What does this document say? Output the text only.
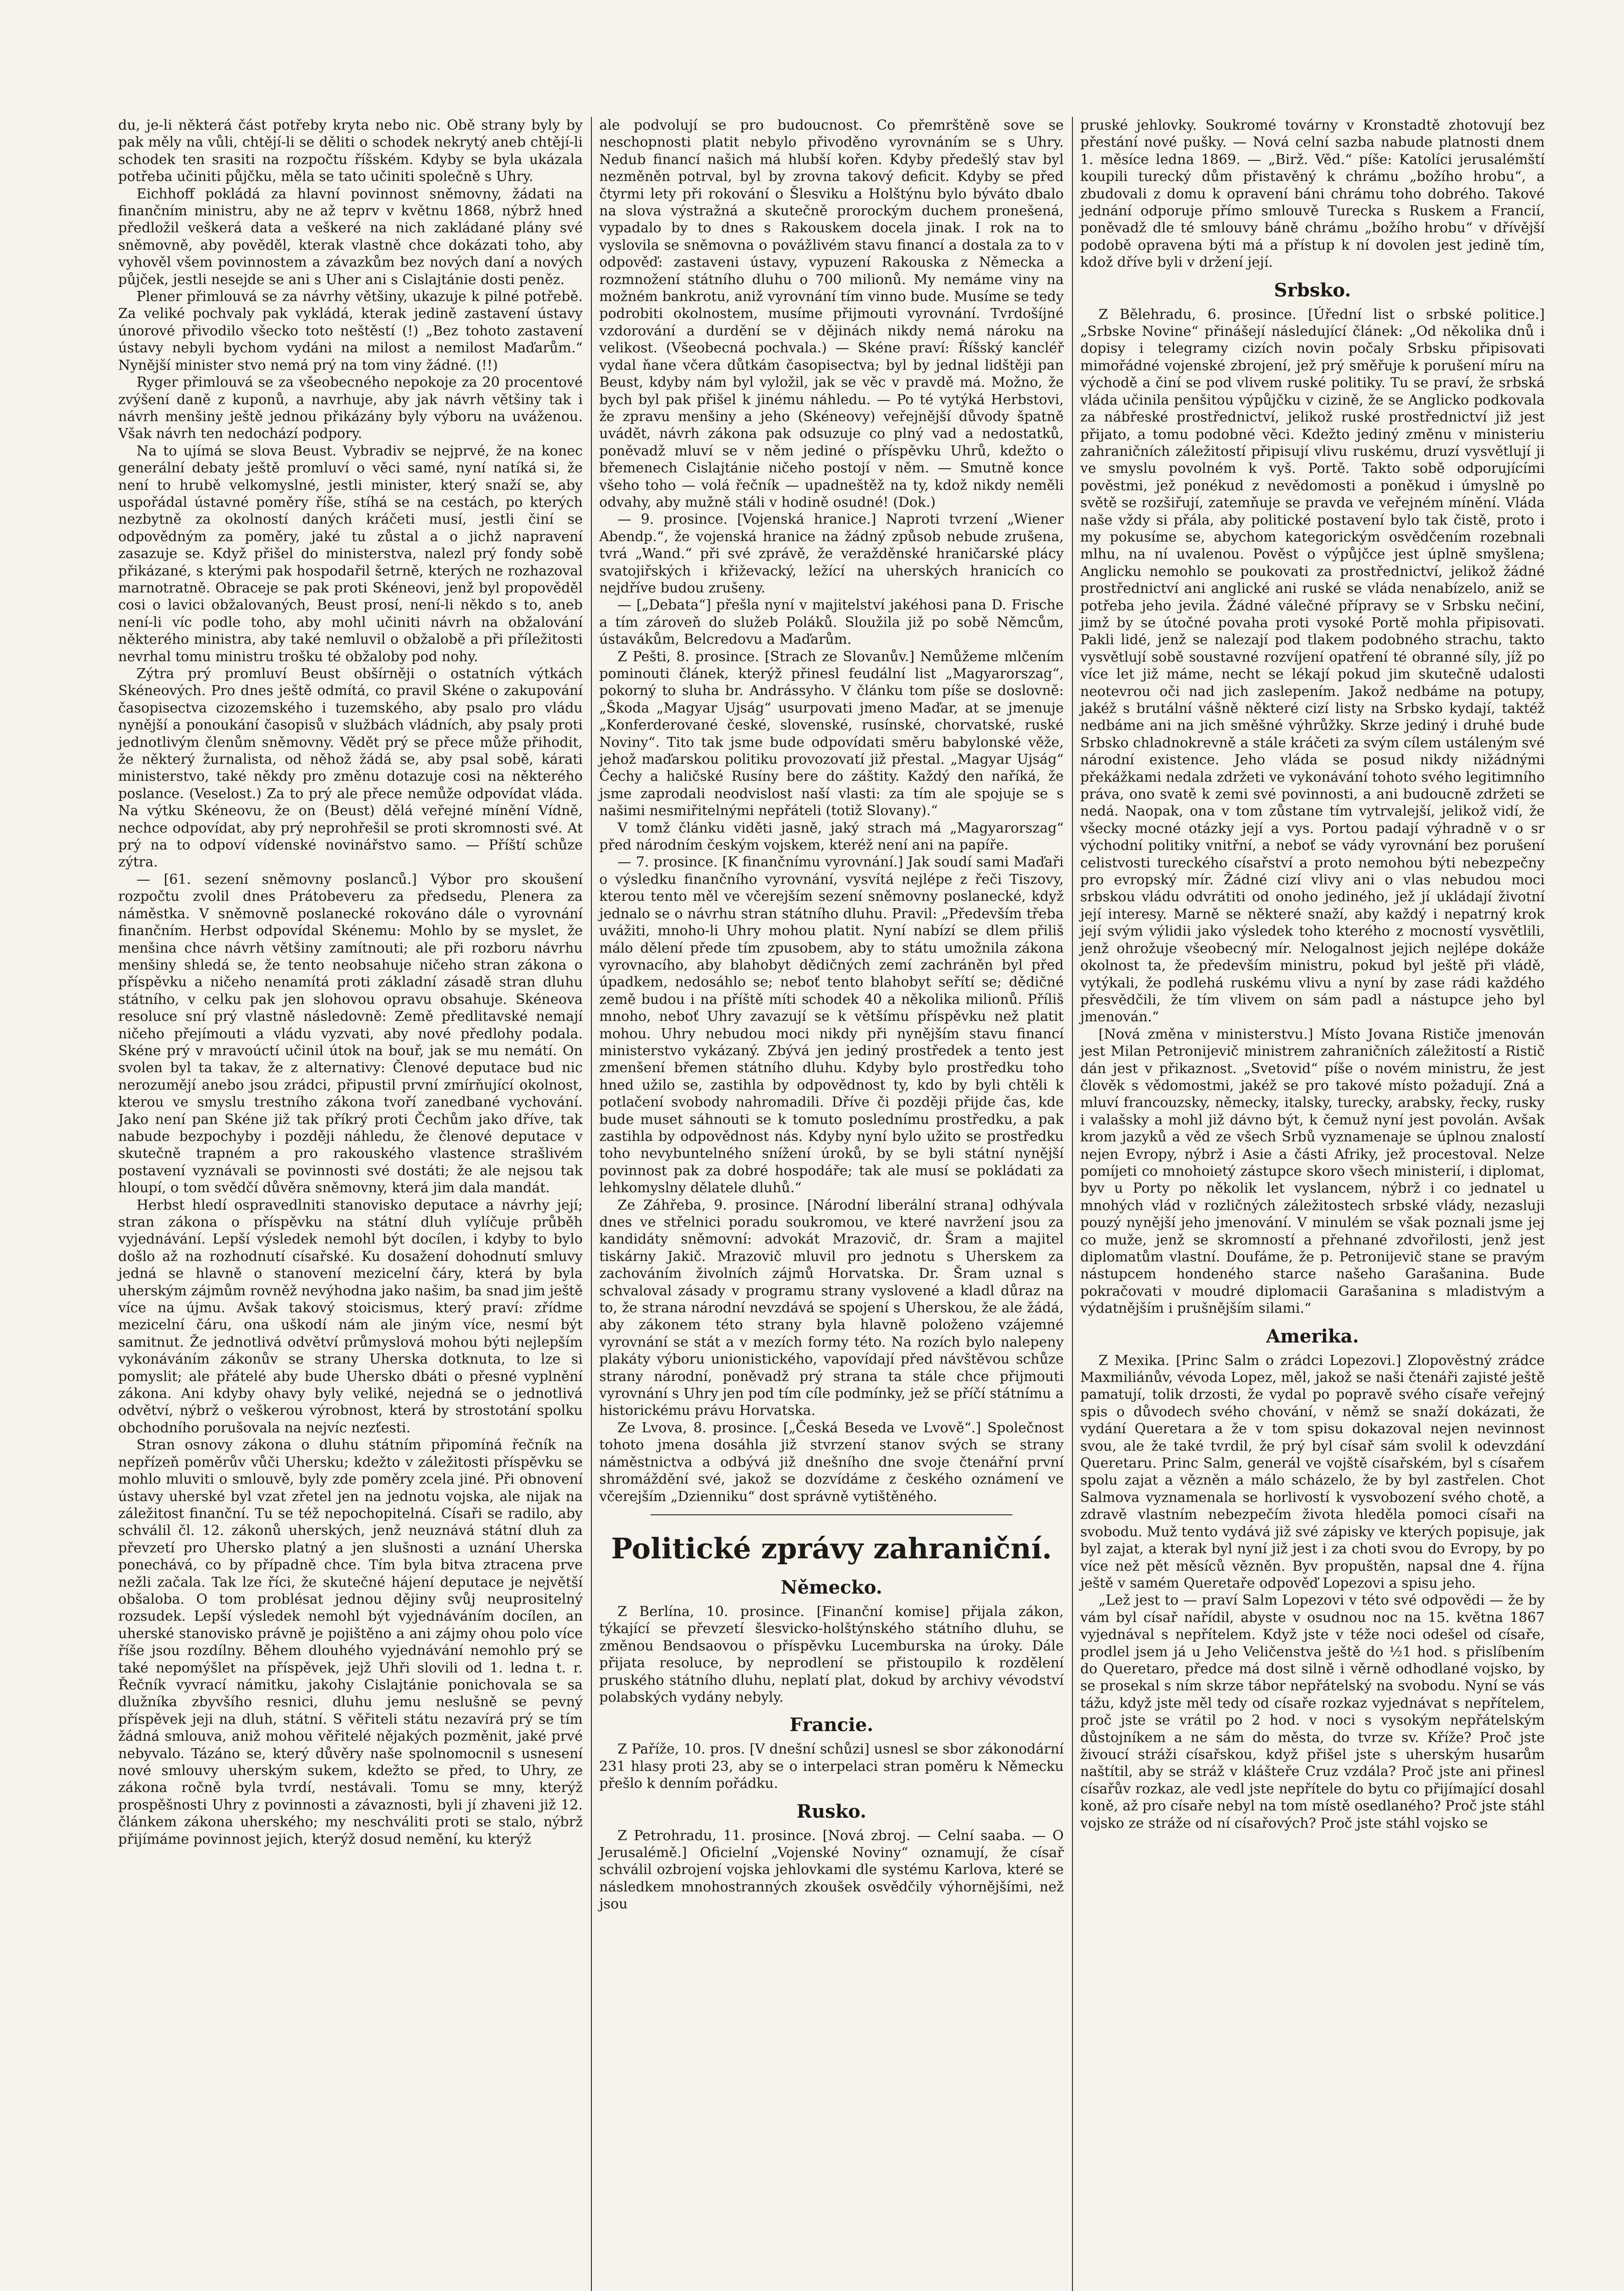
du, je-li některá část potřeby kryta nebo nic. Obě strany byly by pak měly na vůli, chtějí-li se děliti o schodek nekrytý aneb chtějí-li schodek ten srasiti na rozpočtu říšském. Kdyby se byla ukázala potřeba učiniti půjčku, měla se tato učiniti společně s Uhry.

Eichhoff pokládá za hlavní povinnost sněmovny, žádati na finančním ministru, aby ne až teprv v květnu 1868, nýbrž hned předložil veškerá data a veškeré na nich zakládané plány své sněmovně, aby pověděl, kterak vlastně chce dokázati toho, aby vyhověl všem povinnostem a závazkům bez nových daní a nových půjček, jestli nesejde se ani s Uher ani s Cislajtánie dosti peněz.

Plener přimlouvá se za návrhy většiny, ukazuje k pilné potřebě. Za veliké pochvaly pak vykládá, kterak jedině zastavení ústavy únorové přivodilo všecko toto neštěstí (!) „Bez tohoto zastavení ústavy nebyli bychom vydáni na milost a nemilost Maďarům.“ Nynější minister stvo nemá prý na tom viny žádné. (!!)

Ryger přimlouvá se za všeobecného nepokoje za 20 procentové zvýšení daně z kuponů, a navrhuje, aby jak návrh většiny tak i návrh menšiny ještě jednou přikázány byly výboru na uváženou. Však návrh ten nedochází podpory.

Na to ujímá se slova Beust. Vybradiv se nejprvé, že na konec generální debaty ještě promluví o věci samé, nyní natíká si, že není to hrubě velkomyslné, jestli minister, který snaží se, aby uspořádal ústavné poměry říše, stíhá se na cestách, po kterých nezbytně za okolností daných kráčeti musí, jestli činí se odpovědným za poměry, jaké tu zůstal a o jichž napravení zasazuje se. Když přišel do ministerstva, nalezl prý fondy sobě přikázané, s kterými pak hospodařil šetrně, kterých ne rozhazoval marnotratně. Obraceje se pak proti Skéneovi, jenž byl propověděl cosi o lavici obžalovaných, Beust prosí, není-li někdo s to, aneb není-li víc podle toho, aby mohl učiniti návrh na obžalování některého ministra, aby také nemluvil o obžalobě a při příležitosti nevrhal tomu ministru trošku té obžaloby pod nohy.

Zýtra prý promluví Beust obšírněji o ostatních výtkách Skéneových. Pro dnes ještě odmítá, co pravil Skéne o zakupování časopisectva cizozemského i tuzemského, aby psalo pro vládu nynější a ponoukání časopisů v službách vládních, aby psaly proti jednotlivým členům sněmovny. Vědět prý se přece může přihodit, že některý žurnalista, od něhož žádá se, aby psal sobě, kárati ministerstvo, také někdy pro změnu dotazuje cosi na některého poslance. (Veselost.) Za to prý ale přece nemůže odpovídat vláda. Na výtku Skéneovu, že on (Beust) dělá veřejné mínění Vídně, nechce odpovídat, aby prý neprohřešil se proti skromnosti své. At prý na to odpoví vídenské novinářstvo samo. — Příští schůze zýtra.

— [61. sezení sněmovny poslanců.] Výbor pro skoušení rozpočtu zvolil dnes Prátobeveru za předsedu, Plenera za náměstka. V sněmovně poslanecké rokováno dále o vyrovnání finančním. Herbst odpovídal Skénemu: Mohlo by se myslet, že menšina chce návrh většiny zamítnouti; ale při rozboru návrhu menšiny shledá se, že tento neobsahuje ničeho stran zákona o příspěvku a ničeho nenamítá proti základní zásadě stran dluhu státního, v celku pak jen slohovou opravu obsahuje. Skéneova resoluce sní prý vlastně následovně: Země předlitavské nemají ničeho přejímouti a vládu vyzvati, aby nové předlohy podala. Skéne prý v mravoúctí učinil útok na bouř, jak se mu nemátí. On svolen byl ta takav, že z alternativy: Členové deputace bud nic nerozumějí anebo jsou zrádci, připustil první zmírňující okolnost, kterou ve smyslu trestního zákona tvoří zanedbané vychování. Jako není pan Skéne již tak příkrý proti Čechům jako dříve, tak nabude bezpochyby i později náhledu, že členové deputace v skutečně trapném a pro rakouského vlastence strašlivém postavení vyznávali se povinnosti své dostáti; že ale nejsou tak hloupí, o tom svědčí důvěra sněmovny, která jim dala mandát.

Herbst hledí ospravedlniti stanovisko deputace a návrhy její; stran zákona o příspěvku na státní dluh vylíčuje průběh vyjednávání. Lepší výsledek nemohl být docílen, i kdyby to bylo došlo až na rozhodnutí císařské. Ku dosažení dohodnutí smluvy jedná se hlavně o stanovení mezicelní čáry, která by byla uherským zájmům rovněž nevýhodna jako našim, ba snad jim ještě více na újmu. Avšak takový stoicismus, který praví: zřídme mezicelní čáru, ona uškodí nám ale jiným více, nesmí být samitnut. Že jednotlivá odvětví průmyslová mohou býti nejlepším vykonáváním zákonův se strany Uherska dotknuta, to lze si pomyslit; ale přátelé aby bude Uhersko dbáti o přesné vyplnění zákona. Ani kdyby ohavy byly veliké, nejedná se o jednotlivá odvětví, nýbrž o veškerou výrobnost, která by strostotání spolku obchodního porušovala na nejvíc nezťesti.

Stran osnovy zákona o dluhu státním připomíná řečník na nepřízeň poměrův vůči Uhersku; kdežto v záležitosti příspěvku se mohlo mluviti o smlouvě, byly zde poměry zcela jiné. Při obnovení ústavy uherské byl vzat zřetel jen na jednotu vojska, ale nijak na záležitost finanční. Tu se též nepochopitelná. Císaři se radilo, aby schválil čl. 12. zákonů uherských, jenž neuznává státní dluh za převzetí pro Uhersko platný a jen slušnosti a uznání Uherska ponechává, co by případně chce. Tím byla bitva ztracena prve nežli začala. Tak lze říci, že skutečné hájení deputace je největší obšaloba. O tom problésat jednou dějiny svůj neuprositelný rozsudek. Lepší výsledek nemohl být vyjednáváním docílen, an uherské stanovisko právně je pojištěno a ani zájmy ohou polo více říše jsou rozdílny. Během dlouhého vyjednávání nemohlo prý se také nepomýšlet na příspěvek, jejž Uhři slovili od 1. ledna t. r. Řečník vyvrací námitku, jakohy Cislajtánie ponichovala se sa dlužníka zbyvšího resnici, dluhu jemu neslušně se pevný příspěvek jeji na dluh, státní. S věřiteli státu nezavírá prý se tím žádná smlouva, aniž mohou věřitelé nějakých pozměnit, jaké prvé nebyvalo. Tázáno se, který důvěry naše spolnomocnil s usnesení nové smlouvy uherským sukem, kdežto se před, to Uhry, ze zákona ročně byla tvrdí, nestávali. Tomu se mny, kterýž prospěšnosti Uhry z povinnosti a závaznosti, byli jí zhaveni již 12. článkem zákona uherského; my neschváliti proti se stalo, nýbrž přijímáme povinnost jejich, kterýž dosud nemění, ku kterýž

ale podvolují se pro budoucnost. Co přemrštěně sove se neschopnosti platit nebylo přivoděno vyrovnáním se s Uhry. Nedub financí našich má hlubší kořen. Kdyby předešlý stav byl nezměněn potrval, byl by zrovna takový deficit. Kdyby se před čtyrmi lety při rokování o Šlesviku a Holštýnu bylo býváto dbalo na slova výstražná a skutečně prorockým duchem pronešená, vypadalo by to dnes s Rakouskem docela jinak. I rok na to vyslovila se sněmovna o povážlivém stavu financí a dostala za to v odpověď: zastaveni ústavy, vypuzení Rakouska z Německa a rozmnožení státního dluhu o 700 milionů. My nemáme viny na možném bankrotu, aniž vyrovnání tím vinno bude. Musíme se tedy podrobiti okolnostem, musíme přijmouti vyrovnání. Tvrdošíjné vzdorování a durdění se v dějinách nikdy nemá nároku na velikost. (Všeobecná pochvala.) — Skéne praví: Říšský kancléř vydal ňane včera důtkám časopisectva; byl by jednal lidštěji pan Beust, kdyby nám byl vyložil, jak se věc v pravdě má. Možno, že bych byl pak přišel k jinému náhledu. — Po té vytýká Herbstovi, že zpravu menšiny a jeho (Skéneovy) veřejnější důvody špatně uvádět, návrh zákona pak odsuzuje co plný vad a nedostatků, poněvadž mluví se v něm jediné o příspěvku Uhrů, kdežto o břemenech Cislajtánie ničeho postojí v něm. — Smutně konce všeho toho — volá řečník — upadneštěž na ty, kdož nikdy neměli odvahy, aby mužně stáli v hodině osudné! (Dok.)

— 9. prosince. [Vojenská hranice.] Naproti tvrzení „Wiener Abendp.“, že vojenská hranice na žádný způsob nebude zrušena, tvrá „Wand.“ při své zprávě, že veražděnské hraničarské plácy svatojiřských i křiževacký, ležící na uherských hranicích co nejdříve budou zrušeny.

— [„Debata“] přešla nyní v majitelství jakéhosi pana D. Frische a tím zároveň do služeb Poláků. Sloužila již po sobě Němcům, ústavákům, Belcredovu a Maďarům.

Z Pešti, 8. prosince. [Strach ze Slovanův.] Nemůžeme mlčením pominouti článek, kterýž přinesl feudální list „Magyarorszag“, pokorný to sluha br. Andrássyho. V článku tom píše se doslovně: „Škoda „Magyar Ujság“ usurpovati jmeno Maďar, at se jmenuje „Konferderované české, slovenské, rusínské, chorvatské, ruské Noviny“. Tito tak jsme bude odpovídati směru babylonské věže, jehož maďarskou politiku provozovatí již přestal. „Magyar Ujság“ Čechy a haličské Rusíny bere do záštity. Každý den naříká, že jsme zaprodali neodvislost naší vlasti: za tím ale spojuje se s našimi nesmiřitelnými nepřáteli (totiž Slovany).“

V tomž článku viděti jasně, jaký strach má „Magyarorszag“ před národním českým vojskem, kteréž není ani na papíře.

— 7. prosince. [K finančnímu vyrovnání.] Jak soudí sami Maďaři o výsledku finančního vyrovnání, vysvítá nejlépe z řeči Tiszovy, kterou tento měl ve včerejším sezení sněmovny poslanecké, když jednalo se o návrhu stran státního dluhu. Pravil: „Především třeba uvážiti, mnoho-li Uhry mohou platit. Nyní nabízí se dlem přiliš málo dělení přede tím zpusobem, aby to státu umožnila zákona vyrovnacího, aby blahobyt dědičných zemí zachráněn byl před úpadkem, nedosáhlo se; neboť tento blahobyt seřítí se; dědičné země budou i na příště míti schodek 40 a několika milionů. Příliš mnoho, neboť Uhry zavazují se k většímu příspěvku než platit mohou. Uhry nebudou moci nikdy při nynějším stavu financí ministerstvo vykázaný. Zbývá jen jediný prostředek a tento jest zmenšení břemen státního dluhu. Kdyby bylo prostředku toho hned užilo se, zastihla by odpovědnost ty, kdo by byli chtěli k potlačení svobody nahromadili. Dříve či později přijde čas, kde bude muset sáhnouti se k tomuto poslednímu prostředku, a pak zastihla by odpovědnost nás. Kdyby nyní bylo užito se prostředku toho nevybuntelného snížení úroků, by se byli státní nynější povinnost pak za dobré hospodáře; tak ale musí se pokládati za lehkomyslny dělatele dluhů.“

Ze Záhřeba, 9. prosince. [Národní liberální strana] odhývala dnes ve střelnici poradu soukromou, ve které navržení jsou za kandidáty sněmovní: advokát Mrazovič, dr. Šram a majitel tiskárny Jakič. Mrazovič mluvil pro jednotu s Uherskem za zachováním živolních zájmů Horvatska. Dr. Šram uznal s schvaloval zásady v programu strany vyslovené a kladl důraz na to, že strana národní nevzdává se spojení s Uherskou, že ale žádá, aby zákonem této strany byla hlavně položeno vzájemné vyrovnání se stát a v mezích formy této. Na rozích bylo nalepeny plakáty výboru unionistického, vapovídají před návštěvou schůze strany národní, poněvadž prý strana ta stále chce přijmouti vyrovnání s Uhry jen pod tím cíle podmínky, jež se příčí státnímu a historickému právu Horvatska.

Ze Lvova, 8. prosince. [„Česká Beseda ve Lvově“.] Společnost tohoto jmena dosáhla již stvrzení stanov svých se strany náměstnictva a odbývá již dnešního dne svoje čtenářní první shromáždění své, jakož se dozvídáme z českého oznámení ve včerejším „Dzienniku“ dost správně vytištěného.

Politické zprávy zahraniční.
Německo.

Z Berlína, 10. prosince. [Finanční komise] přijala zákon, týkající se převzetí šlesvicko-holštýnského státního dluhu, se změnou Bendsaovou o příspěvku Lucemburska na úroky. Dále přijata resoluce, by neprodlení se přistoupilo k rozdělení pruského státního dluhu, neplatí plat, dokud by archivy vévodství polabských vydány nebyly.

Francie.

Z Paříže, 10. pros. [V dnešní schůzi] usnesl se sbor zákonodární 231 hlasy proti 23, aby se o interpelaci stran poměru k Německu přešlo k denním pořádku.

Rusko.

Z Petrohradu, 11. prosince. [Nová zbroj. — Celní saaba. — O Jerusalémě.] Oficielní „Vojenské Noviny“ oznamují, že císař schválil ozbrojení vojska jehlovkami dle systému Karlova, které se následkem mnohostranných zkoušek osvědčily výhornějšími, než jsou

pruské jehlovky. Soukromé továrny v Kronstadtě zhotovují bez přestání nové pušky. — Nová celní sazba nabude platnosti dnem 1. měsíce ledna 1869. — „Birž. Věd.“ píše: Katolíci jerusalémští koupili turecký dům přistavěný k chrámu „božího hrobu“, a zbudovali z domu k opravení báni chrámu toho dobrého. Takové jednání odporuje přímo smlouvě Turecka s Ruskem a Francií, poněvadž dle té smlouvy báně chrámu „božího hrobu“ v dřívější podobě opravena býti má a přístup k ní dovolen jest jedině tím, kdož dříve byli v držení její.

Srbsko.

Z Bělehradu, 6. prosince. [Úřední list o srbské politice.] „Srbske Novine“ přinášejí následující článek: „Od několika dnů i dopisy i telegramy cizích novin počaly Srbsku připisovati mimořádné vojenské zbrojení, jež prý směřuje k porušení míru na východě a činí se pod vlivem ruské politiky. Tu se praví, že srbská vláda učinila penšitou výpůjčku v cizině, že se Anglicko podkovala za nábřeské prostřednictví, jelikož ruské prostřednictví již jest přijato, a tomu podobné věci. Kdežto jediný změnu v ministeriu zahraničních záležitostí připisují vlivu ruskému, druzí vysvětlují ji ve smyslu povolném k vyš. Portě. Takto sobě odporujícími pověstmi, jež ponékud z nevědomosti a poněkud i úmyslně po světě se rozšiřují, zatemňuje se pravda ve veřejném mínění. Vláda naše vždy si přála, aby politické postavení bylo tak čistě, proto i my pokusíme se, abychom kategorickým osvědčením rozebnali mlhu, na ní uvalenou. Pověst o výpůjčce jest úplně smyšlena; Anglicku nemohlo se poukovati za prostřednictví, jelikož žádné prostřednictví ani anglické ani ruské se vláda nenabízelo, aniž se potřeba jeho jevila. Žádné válečné přípravy se v Srbsku nečiní, jimž by se útočné povaha proti vysoké Portě mohla připisovati. Pakli lidé, jenž se nalezají pod tlakem podobného strachu, takto vysvětlují sobě soustavné rozvíjení opatření té obranné síly, jíž po více let již máme, necht se lékají pokud jim skutečně udalosti neotevrou oči nad jich zaslepením. Jakož nedbáme na potupy, jakéž s brutální vášně některé cizí listy na Srbsko kydají, taktéž nedbáme ani na jich směšné výhrůžky. Skrze jediný i druhé bude Srbsko chladnokrevně a stále kráčeti za svým cílem ustáleným své národní existence. Jeho vláda se posud nikdy nižádnými překážkami nedala zdržeti ve vykonávání tohoto svého legitimního práva, ono svatě k zemi své povinnosti, a ani budoucně zdržeti se nedá. Naopak, ona v tom zůstane tím vytrvalejší, jelikož vidí, že všecky mocné otázky její a vys. Portou padají výhradně v o sr východní politiky vnitřní, a neboť se vády vyrovnání bez porušení celistvosti tureckého císařství a proto nemohou býti nebezpečny pro evropský mír. Žádné cizí vlivy ani o vlas nebudou moci srbskou vládu odvrátiti od onoho jediného, jež jí ukládají životní její interesy. Marně se některé snaží, aby každý i nepatrný krok její svým výlidii jako výsledek toho kterého z mocností vysvětlili, jenž ohrožuje všeobecný mír. Nelogalnost jejich nejlépe dokáže okolnost ta, že především ministru, pokud byl ještě při vládě, vytýkali, že podlehá ruskému vlivu a nyní by zase rádi každého přesvědčili, že tím vlivem on sám padl a nástupce jeho byl jmenován.“

[Nová změna v ministerstvu.] Místo Jovana Rističe jmenován jest Milan Petronijevič ministrem zahraničních záležitostí a Ristič dán jest v přikaznost. „Svetovid“ píše o novém ministru, že jest člověk s vědomostmi, jakéž se pro takové místo požadují. Zná a mluví francouzsky, německy, italsky, turecky, arabsky, řecky, rusky i valašsky a mohl již dávno být, k čemuž nyní jest povolán. Avšak krom jazyků a věd ze všech Srbů vyznamenaje se úplnou znalostí nejen Evropy, nýbrž i Asie a části Afriky, jež procestoval. Nelze pomíjeti co mnohoietý zástupce skoro všech ministerií, i diplomat, byv u Porty po několik let vyslancem, nýbrž i co jednatel u mnohých vlád v rozličných záležitostech srbské vlády, nezasluji pouzý nynější jeho jmenování. V minulém se však poznali jsme jej co muže, jenž se skromností a přehnané zdvořilosti, jenž jest diplomatům vlastní. Doufáme, že p. Petronijevič stane se pravým nástupcem hondeného starce našeho Garašanina. Bude pokračovati v moudré diplomacii Garašanina s mladistvým a výdatnějším i prušnějším silami.“

Amerika.

Z Mexika. [Princ Salm o zrádci Lopezovi.] Zlopověstný zrádce Maxmiliánův, vévoda Lopez, měl, jakož se naši čtenáři zajisté ještě pamatují, tolik drzosti, že vydal po popravě svého císaře veřejný spis o důvodech svého chování, v němž se snaží dokázati, že vydání Queretara a že v tom spisu dokazoval nejen nevinnost svou, ale že také tvrdil, že prý byl císař sám svolil k odevzdání Queretaru. Princ Salm, generál ve vojště císařském, byl s císařem spolu zajat a vězněn a málo scházelo, že by byl zastřelen. Chot Salmova vyznamenala se horlivostí k vysvobození svého chotě, a zdravě vlastním nebezpečím života hleděla pomoci císaři na svobodu. Muž tento vydává již své zápisky ve kterých popisuje, jak byl zajat, a kterak byl nyní již jest i za choti svou do Evropy, by po více než pět měsíců vězněn. Byv propuštěn, napsal dne 4. října ještě v samém Queretaře odpověď Lopezovi a spisu jeho.

„Lež jest to — praví Salm Lopezovi v této své odpovědi — že by vám byl císař nařídil, abyste v osudnou noc na 15. května 1867 vyjednával s nepřítelem. Když jste v téže noci odešel od císaře, prodlel jsem já u Jeho Veličenstva ještě do ½1 hod. s přislíbením do Queretaro, předce má dost silně i věrně odhodlané vojsko, by se prosekal s ním skrze tábor nepřátelský na svobodu. Nyní se vás tážu, když jste měl tedy od císaře rozkaz vyjednávat s nepřítelem, proč jste se vrátil po 2 hod. v noci s vysokým nepřátelským důstojníkem a ne sám do města, do tvrze sv. Kříže? Proč jste živoucí stráži císařskou, když přišel jste s uherským husarům naštítil, aby se stráž v klášteře Cruz vzdála? Proč jste ani přinesl císařův rozkaz, ale vedl jste nepřítele do bytu co přijímající dosahl koně, až pro císaře nebyl na tom místě osedlaného? Proč jste stáhl vojsko ze stráže od ní císařových? Proč jste stáhl vojsko se
